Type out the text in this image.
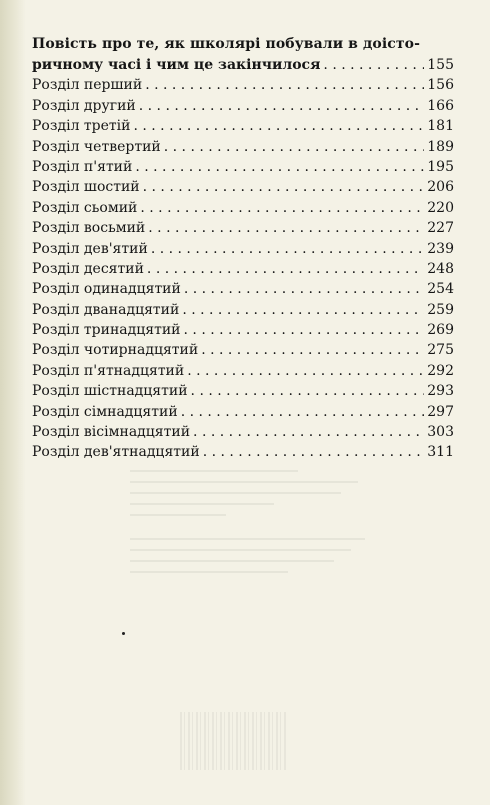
Повість про те, як школярі побували в доісто-
ричному часі і чим це закінчилося . . .	155
Розділ перший . . .	156
Розділ другий . . .	166
Розділ третій . . .	181
Розділ четвертий . . .	189
Розділ п'ятий . . .	195
Розділ шостий . . .	206
Розділ сьомий . . .	220
Розділ восьмий . . .	227
Розділ дев'ятий . . .	239
Розділ десятий . . .	248
Розділ одинадцятий . . .	254
Розділ дванадцятий . . .	259
Розділ тринадцятий . . .	269
Розділ чотирнадцятий . . .	275
Розділ п'ятнадцятий . . .	292
Розділ шістнадцятий . . .	293
Розділ сімнадцятий . . .	297
Розділ вісімнадцятий . . .	303
Розділ дев'ятнадцятий . . .	311
